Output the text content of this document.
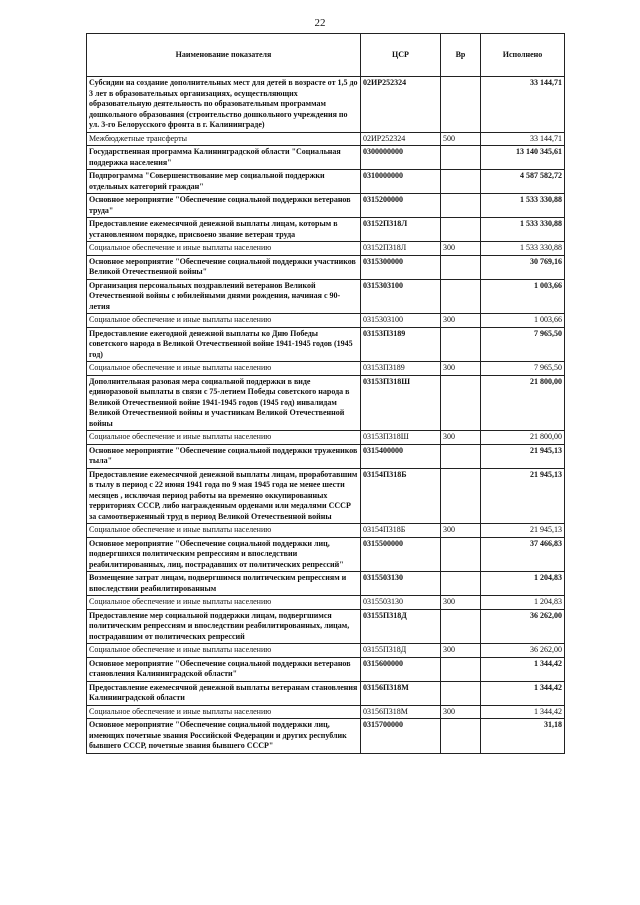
22
Наименование показателя	ЦСР	Вр	Исполнено
Субсидии на создание дополнительных мест для детей в возрасте от 1,5 до 3 лет в образовательных организациях, осуществляющих образовательную деятельность по образовательным программам дошкольного образования (строительство дошкольного учреждения по ул. 3-го Белорусского фронта в г. Калининграде)	02ИР252324		33 144,71
Межбюджетные трансферты	02ИР252324	500	33 144,71
Государственная программа Калининградской области "Социальная поддержка населения"	0300000000		13 140 345,61
Подпрограмма "Совершенствование мер социальной поддержки отдельных категорий граждан"	0310000000		4 587 582,72
Основное мероприятие "Обеспечение социальной поддержки ветеранов труда"	0315200000		1 533 330,88
Предоставление ежемесячной денежной выплаты лицам, которым в установленном порядке, присвоено звание ветеран труда	03152П318Л		1 533 330,88
Социальное обеспечение и иные выплаты населению	03152П318Л	300	1 533 330,88
Основное мероприятие "Обеспечение социальной поддержки участников Великой Отечественной войны"	0315300000		30 769,16
Организация персональных поздравлений ветеранов Великой Отечественной войны с юбилейными днями рождения, начиная с 90-летия	0315303100		1 003,66
Социальное обеспечение и иные выплаты населению	0315303100	300	1 003,66
Предоставление ежегодной денежной выплаты ко Дню Победы советского народа в Великой Отечественной войне 1941-1945 годов (1945 год)	03153П3189		7 965,50
Социальное обеспечение и иные выплаты населению	03153П3189	300	7 965,50
Дополнительная разовая мера социальной поддержки в виде единоразовой выплаты в связи с 75-летием Победы советского народа в Великой Отечественной войне 1941-1945 годов (1945 год) инвалидам Великой Отечественной войны и участникам Великой Отечественной войны	03153П318Ш		21 800,00
Социальное обеспечение и иные выплаты населению	03153П318Ш	300	21 800,00
Основное мероприятие "Обеспечение социальной поддержки тружеников тыла"	0315400000		21 945,13
Предоставление ежемесячной денежной выплаты лицам, проработавшим в тылу в период с 22 июня 1941 года по 9 мая 1945 года не менее шести месяцев , исключая период работы на временно оккупированных территориях СССР, либо награжденным орденами или медалями СССР за самоотверженный труд в период Великой Отечественной войны	03154П318Б		21 945,13
Социальное обеспечение и иные выплаты населению	03154П318Б	300	21 945,13
Основное мероприятие "Обеспечение социальной поддержки лиц, подвергшихся политическим репрессиям и впоследствии реабилитированных, лиц, пострадавших от политических репрессий"	0315500000		37 466,83
Возмещение затрат лицам, подвергшимся политическим репрессиям и впоследствии реабилитированным	0315503130		1 204,83
Социальное обеспечение и иные выплаты населению	0315503130	300	1 204,83
Предоставление мер социальной поддержки лицам, подвергшимся политическим репрессиям и впоследствии реабилитированных, лицам, пострадавшим от политических репрессий	03155П318Д		36 262,00
Социальное обеспечение и иные выплаты населению	03155П318Д	300	36 262,00
Основное мероприятие "Обеспечение социальной поддержки ветеранов становления Калининградской области"	0315600000		1 344,42
Предоставление ежемесячной денежной выплаты ветеранам становления Калининградской области	03156П318М		1 344,42
Социальное обеспечение и иные выплаты населению	03156П318М	300	1 344,42
Основное мероприятие "Обеспечение социальной поддержки лиц, имеющих почетные звания Российской Федерации и других республик бывшего СССР, почетные звания бывшего СССР"	0315700000		31,18
